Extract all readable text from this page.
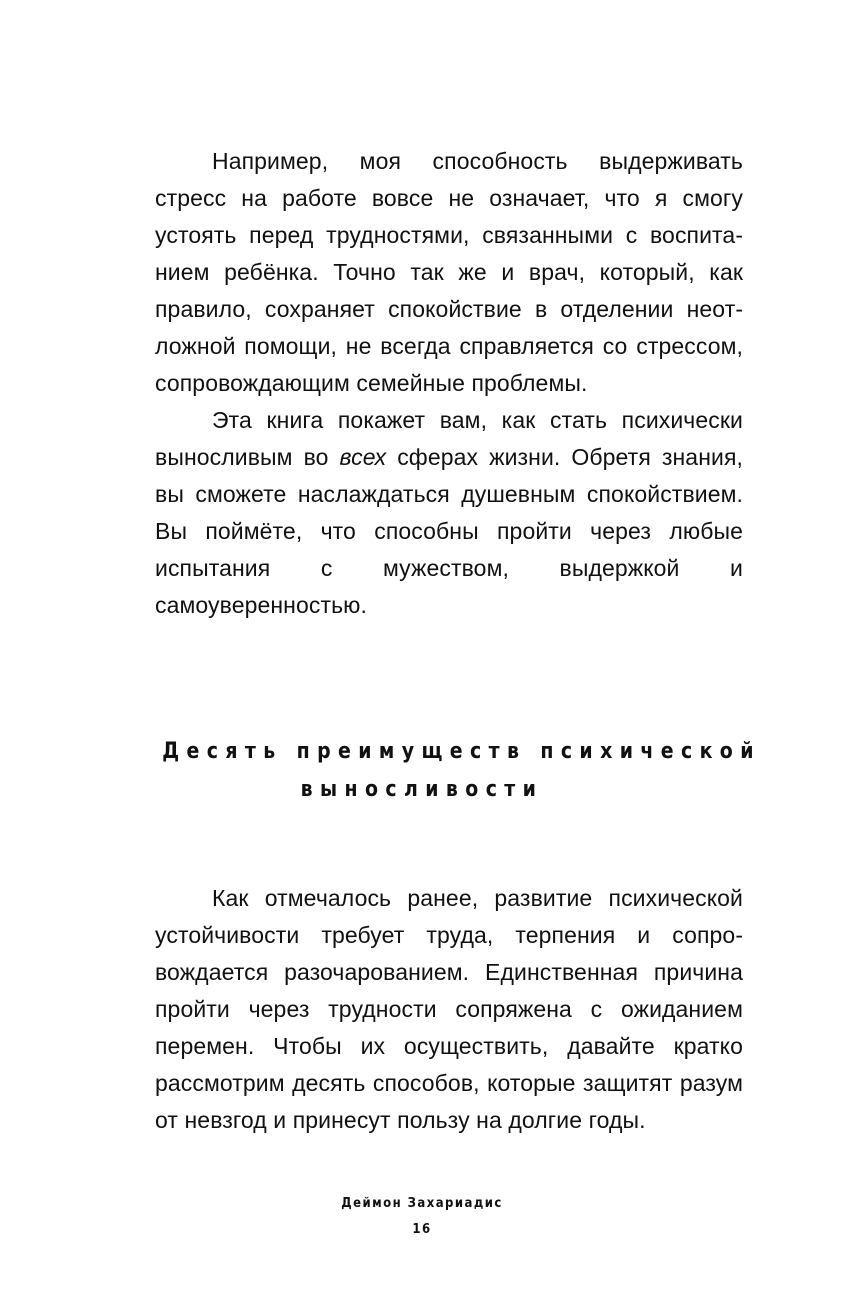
Например, моя способность выдерживать стресс на работе вовсе не означает, что я смогу устоять перед трудностями, связанными с воспитанием ребёнка. Точно так же и врач, который, как правило, сохраняет спокойствие в отделении неотложной помощи, не всегда справляется со стрессом, сопровождающим семейные проблемы.

Эта книга покажет вам, как стать психически выносливым во всех сферах жизни. Обретя знания, вы сможете наслаждаться душевным спокойствием. Вы поймёте, что способны пройти через любые испытания с мужеством, выдержкой и самоуверенностью.

Десять преимуществ психической
выносливости

Как отмечалось ранее, развитие психической устойчивости требует труда, терпения и сопровождается разочарованием. Единственная причина пройти через трудности сопряжена с ожиданием перемен. Чтобы их осуществить, давайте кратко рассмотрим десять способов, которые защитят разум от невзгод и принесут пользу на долгие годы.

Деймон Захариадис
16
